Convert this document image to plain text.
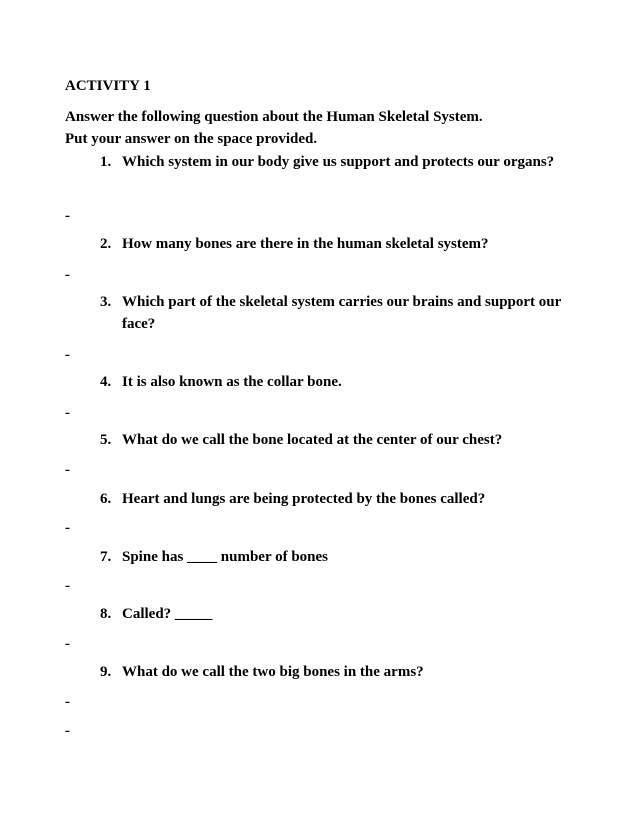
ACTIVITY 1
Answer the following question about the Human Skeletal System.
Put your answer on the space provided.
1. Which system in our body give us support and protects our organs?
-
2. How many bones are there in the human skeletal system?
-
3. Which part of the skeletal system carries our brains and support our face?
-
4. It is also known as the collar bone.
-
5. What do we call the bone located at the center of our chest?
-
6. Heart and lungs are being protected by the bones called?
-
7. Spine has ____ number of bones
-
8. Called? _____
-
9. What do we call the two big bones in the arms?
-
-
